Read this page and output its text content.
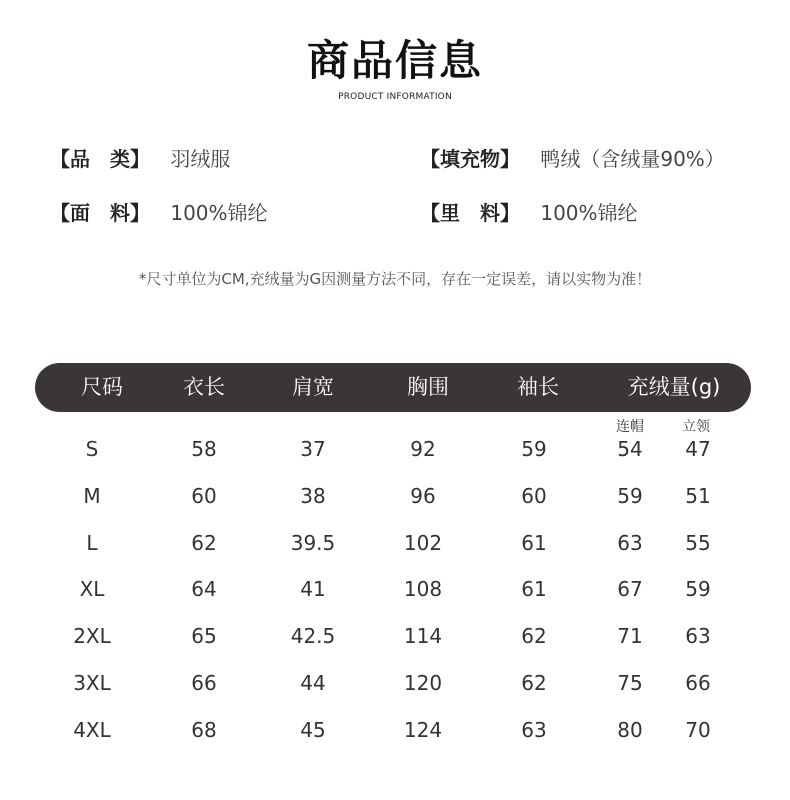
商品信息
PRODUCT INFORMATION
【品　类】 羽绒服	【填充物】 鸭绒（含绒量90%）
【面　料】 100%锦纶	【里　料】 100%锦纶
*尺寸单位为CM,充绒量为G因测量方法不同，存在一定误差，请以实物为准！
尺码	衣长	肩宽	胸围	袖长	充绒量(g)
连帽	立领
S	58	37	92	59	54	47
M	60	38	96	60	59	51
L	62	39.5	102	61	63	55
XL	64	41	108	61	67	59
2XL	65	42.5	114	62	71	63
3XL	66	44	120	62	75	66
4XL	68	45	124	63	80	70
